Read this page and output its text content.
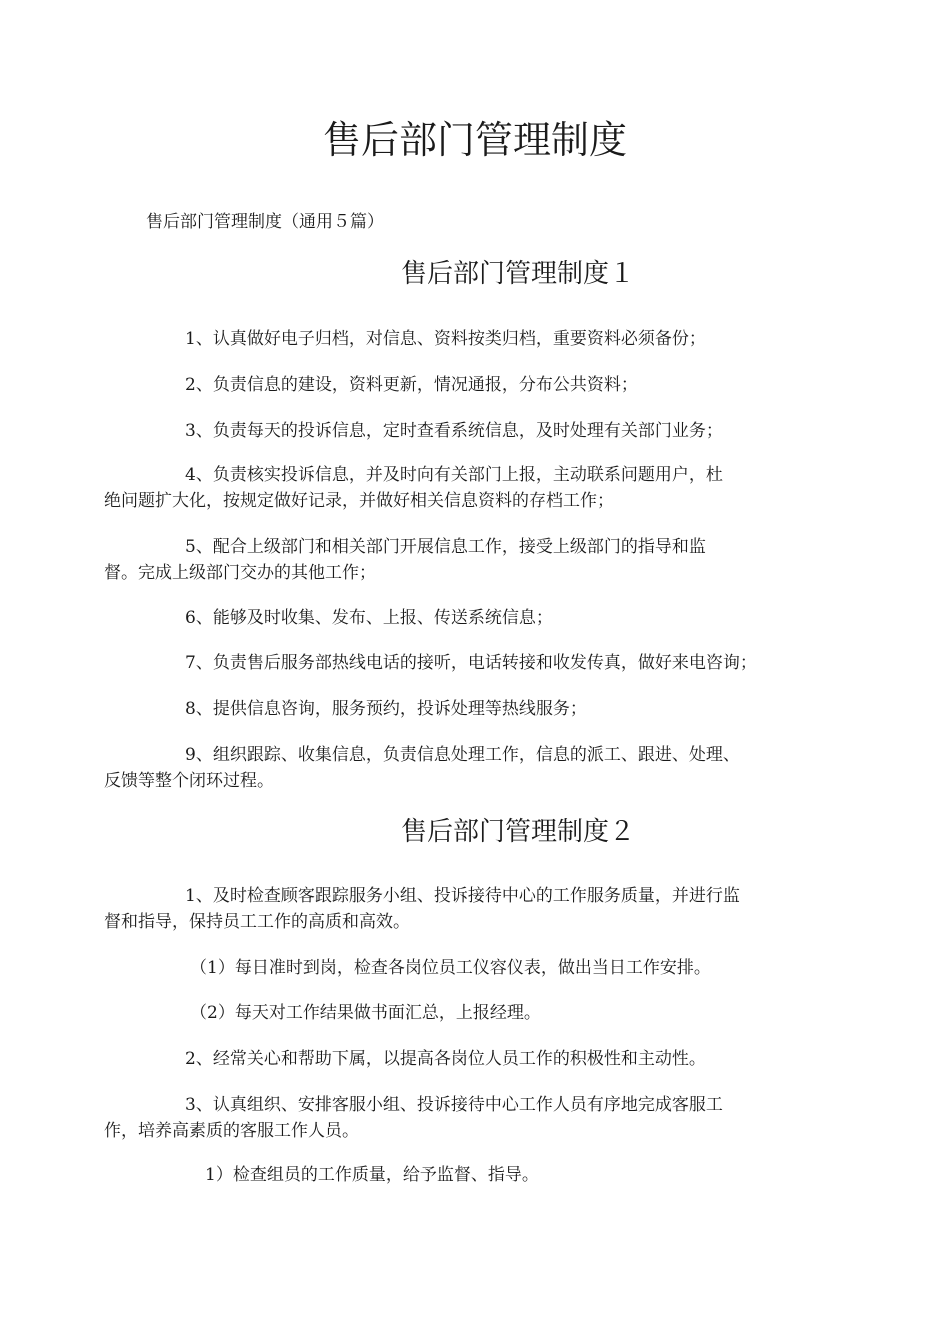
售后部门管理制度
售后部门管理制度（通用５篇）
售后部门管理制度１
1、认真做好电子归档，对信息、资料按类归档，重要资料必须备份；
2、负责信息的建设，资料更新，情况通报，分布公共资料；
3、负责每天的投诉信息，定时查看系统信息，及时处理有关部门业务；
4、负责核实投诉信息，并及时向有关部门上报，主动联系问题用户，杜
绝问题扩大化，按规定做好记录，并做好相关信息资料的存档工作；
5、配合上级部门和相关部门开展信息工作，接受上级部门的指导和监
督。完成上级部门交办的其他工作；
6、能够及时收集、发布、上报、传送系统信息；
7、负责售后服务部热线电话的接听，电话转接和收发传真，做好来电咨询；
8、提供信息咨询，服务预约，投诉处理等热线服务；
9、组织跟踪、收集信息，负责信息处理工作，信息的派工、跟进、处理、
反馈等整个闭环过程。
售后部门管理制度２
1、及时检查顾客跟踪服务小组、投诉接待中心的工作服务质量，并进行监
督和指导，保持员工工作的高质和高效。
（1）每日准时到岗，检查各岗位员工仪容仪表，做出当日工作安排。
（2）每天对工作结果做书面汇总，上报经理。
2、经常关心和帮助下属，以提高各岗位人员工作的积极性和主动性。
3、认真组织、安排客服小组、投诉接待中心工作人员有序地完成客服工
作，培养高素质的客服工作人员。
1）检查组员的工作质量，给予监督、指导。
